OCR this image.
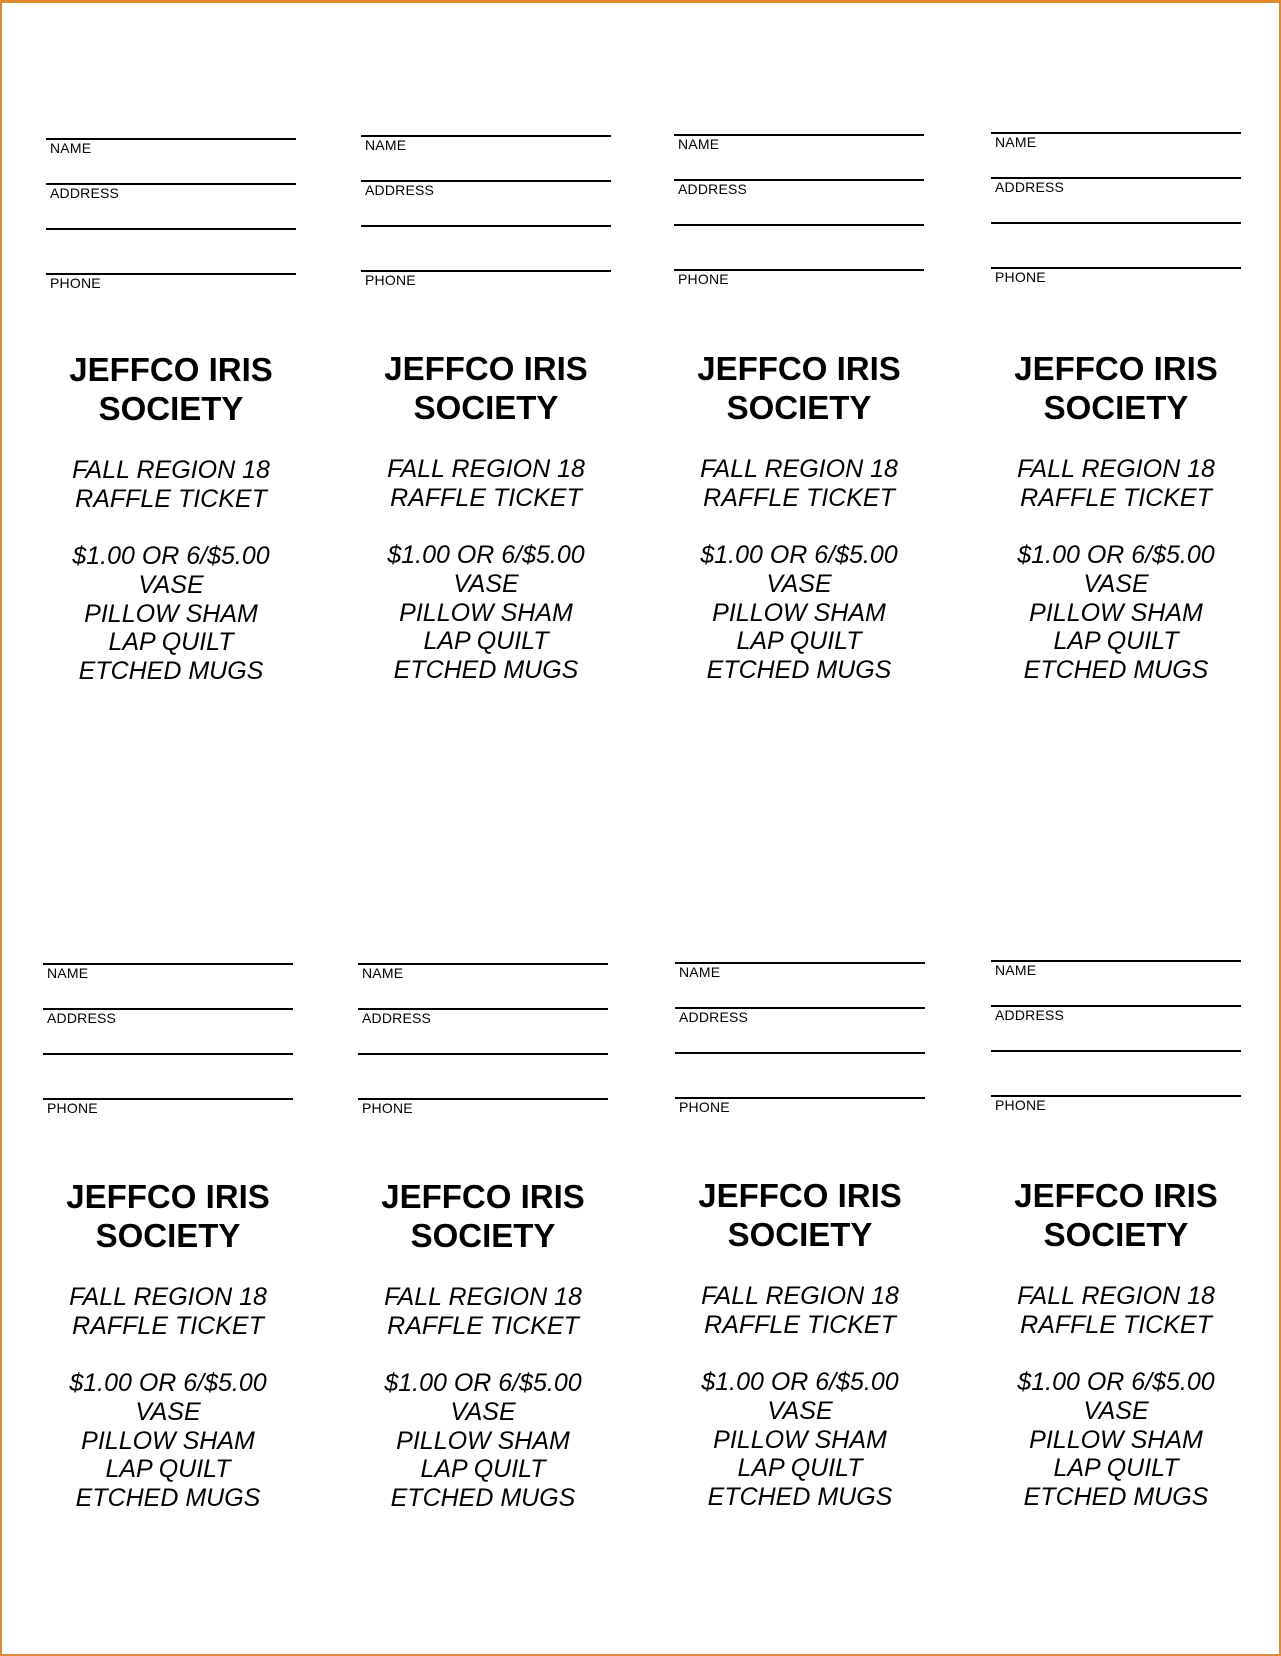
NAME
ADDRESS
PHONE
JEFFCO IRIS
SOCIETY
FALL REGION 18
RAFFLE TICKET
$1.00 OR 6/$5.00
VASE
PILLOW SHAM
LAP QUILT
ETCHED MUGS
NAME
ADDRESS
PHONE
JEFFCO IRIS
SOCIETY
FALL REGION 18
RAFFLE TICKET
$1.00 OR 6/$5.00
VASE
PILLOW SHAM
LAP QUILT
ETCHED MUGS
NAME
ADDRESS
PHONE
JEFFCO IRIS
SOCIETY
FALL REGION 18
RAFFLE TICKET
$1.00 OR 6/$5.00
VASE
PILLOW SHAM
LAP QUILT
ETCHED MUGS
NAME
ADDRESS
PHONE
JEFFCO IRIS
SOCIETY
FALL REGION 18
RAFFLE TICKET
$1.00 OR 6/$5.00
VASE
PILLOW SHAM
LAP QUILT
ETCHED MUGS
NAME
ADDRESS
PHONE
JEFFCO IRIS
SOCIETY
FALL REGION 18
RAFFLE TICKET
$1.00 OR 6/$5.00
VASE
PILLOW SHAM
LAP QUILT
ETCHED MUGS
NAME
ADDRESS
PHONE
JEFFCO IRIS
SOCIETY
FALL REGION 18
RAFFLE TICKET
$1.00 OR 6/$5.00
VASE
PILLOW SHAM
LAP QUILT
ETCHED MUGS
NAME
ADDRESS
PHONE
JEFFCO IRIS
SOCIETY
FALL REGION 18
RAFFLE TICKET
$1.00 OR 6/$5.00
VASE
PILLOW SHAM
LAP QUILT
ETCHED MUGS
NAME
ADDRESS
PHONE
JEFFCO IRIS
SOCIETY
FALL REGION 18
RAFFLE TICKET
$1.00 OR 6/$5.00
VASE
PILLOW SHAM
LAP QUILT
ETCHED MUGS
